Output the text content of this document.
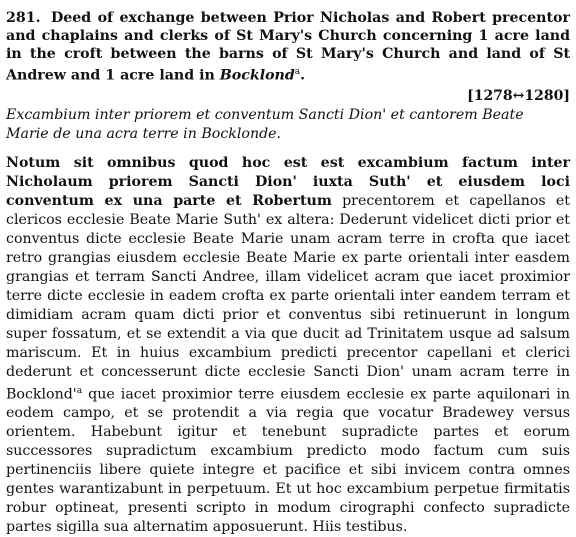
281. Deed of exchange between Prior Nicholas and Robert precentor and chaplains and clerks of St Mary's Church concerning 1 acre land in the croft between the barns of St Mary's Church and land of St Andrew and 1 acre land in Bocklond$^a$.
[1278↔1280]
Excambium inter priorem et conventum Sancti Dion' et cantorem Beate Marie de una acra terre in Bocklonde.
Notum sit omnibus quod hoc est est excambium factum inter Nicholaum priorem Sancti Dion' iuxta Suth' et eiusdem loci conventum ex una parte et Robertum precentorem et capellanos et clericos ecclesie Beate Marie Suth' ex altera: Dederunt videlicet dicti prior et conventus dicte ecclesie Beate Marie unam acram terre in crofta que iacet retro grangias eiusdem ecclesie Beate Marie ex parte orientali inter easdem grangias et terram Sancti Andree, illam videlicet acram que iacet proximior terre dicte ecclesie in eadem crofta ex parte orientali inter eandem terram et dimidiam acram quam dicti prior et conventus sibi retinuerunt in longum super fossatum, et se extendit a via que ducit ad Trinitatem usque ad salsum mariscum. Et in huius excambium predicti precentor capellani et clerici dederunt et concesserunt dicte ecclesie Sancti Dion' unam acram terre in $Bocklond'^a$ que iacet proximior terre eiusdem ecclesie ex parte aquilonari in eodem campo, et se protendit a via regia que vocatur Bradewey versus orientem. Habebunt igitur et tenebunt supradicte partes et eorum successores supradictum excambium predicto modo factum cum suis pertinenciis libere quiete integre et pacifice et sibi invicem contra omnes gentes warantizabunt in perpetuum. Et ut hoc excambium perpetue firmitatis robur optineat, presenti scripto in modum cirographi confecto supradicte partes sigilla sua alternatim apposuerunt. Hiis testibus.
